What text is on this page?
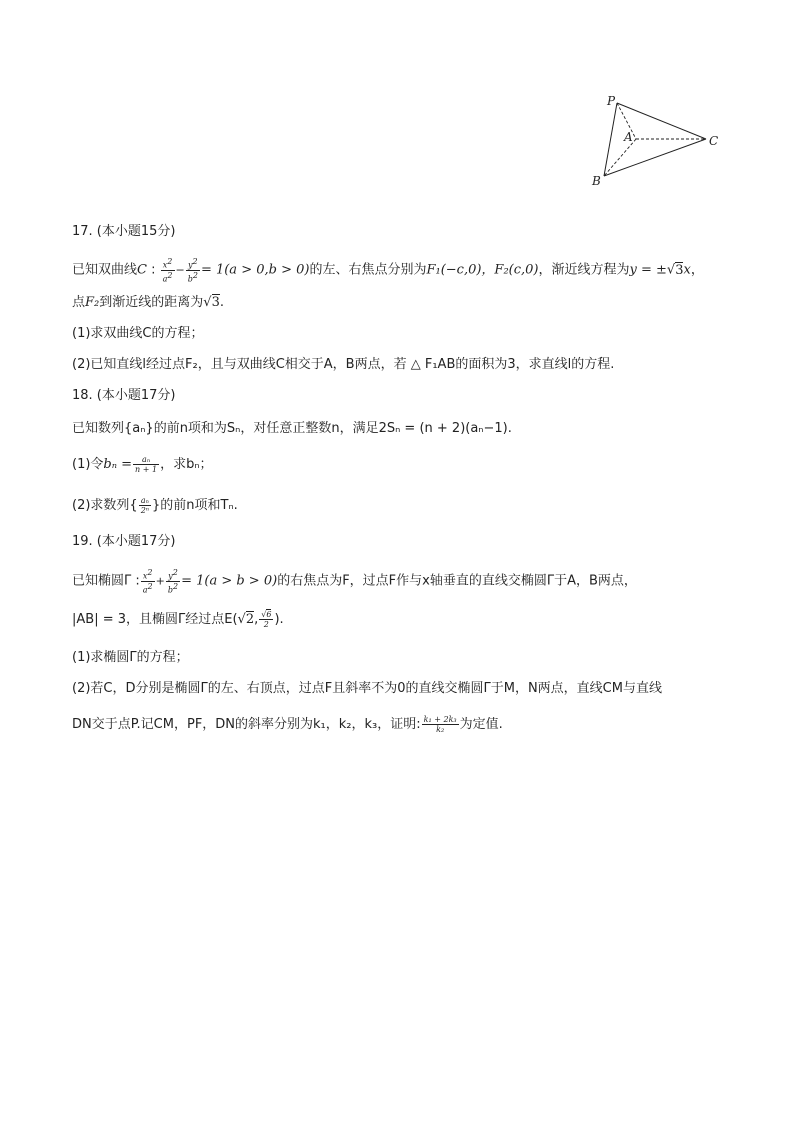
P
A	C
B
17. (本小题15分)
已知双曲线C : $\frac{x^2}{a^2} - \frac{y^2}{b^2} = 1(a > 0,b > 0)$的左、右焦点分别为F₁(−c,0)，F₂(c,0)，渐近线方程为y = ±√3x，
点F₂到渐近线的距离为√3.
(1)求双曲线C的方程；
(2)已知直线l经过点F₂，且与双曲线C相交于A，B两点，若 △ F₁AB的面积为3，求直线l的方程.
18. (本小题17分)
已知数列{aₙ}的前n项和为Sₙ，对任意正整数n，满足2Sₙ = (n + 2)(aₙ−1).
(1)令$b_n = \frac{\text{aₙ}}{n + 1}$ ，求bₙ；
(2)求数列{ $\frac{\text{aₙ}}{\text{2ⁿ}}$ }的前n项和Tₙ.
19. (本小题17分)
已知椭圆Γ : $\frac{x^2}{a^2} + \frac{y^2}{b^2} = 1(a > b > 0)$的右焦点为F，过点F作与x轴垂直的直线交椭圆Γ于A，B两点，
|AB| = 3，且椭圆Γ经过点E(√2, $\frac{√6}{2}$ ).
(1)求椭圆Γ的方程；
(2)若C，D分别是椭圆Γ的左、右顶点，过点F且斜率不为0的直线交椭圆Γ于M，N两点，直线CM与直线
DN交于点P.记CM，PF，DN的斜率分别为k₁，k₂，k₃，证明: $\frac{\text{k₁ + 2k₃}}{\text{k₂}}$ 为定值.
